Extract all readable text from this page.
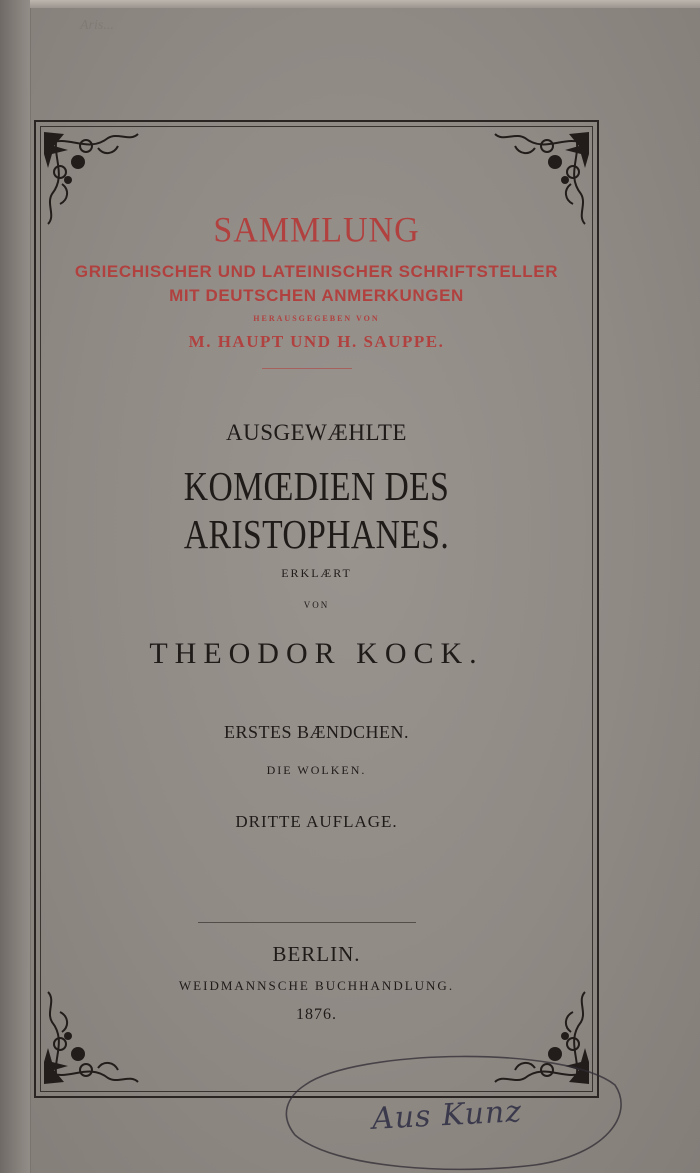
Aris...
SAMMLUNG
GRIECHISCHER UND LATEINISCHER SCHRIFTSTELLER
MIT DEUTSCHEN ANMERKUNGEN
HERAUSGEGEBEN VON
M. HAUPT UND H. SAUPPE.
AUSGEWÆHLTE
KOMŒDIEN DES ARISTOPHANES.
ERKLÆRT
VON
THEODOR KOCK.
ERSTES BÆNDCHEN.
DIE WOLKEN.
DRITTE AUFLAGE.
BERLIN.
WEIDMANNSCHE BUCHHANDLUNG.
1876.
Aus Kunz
